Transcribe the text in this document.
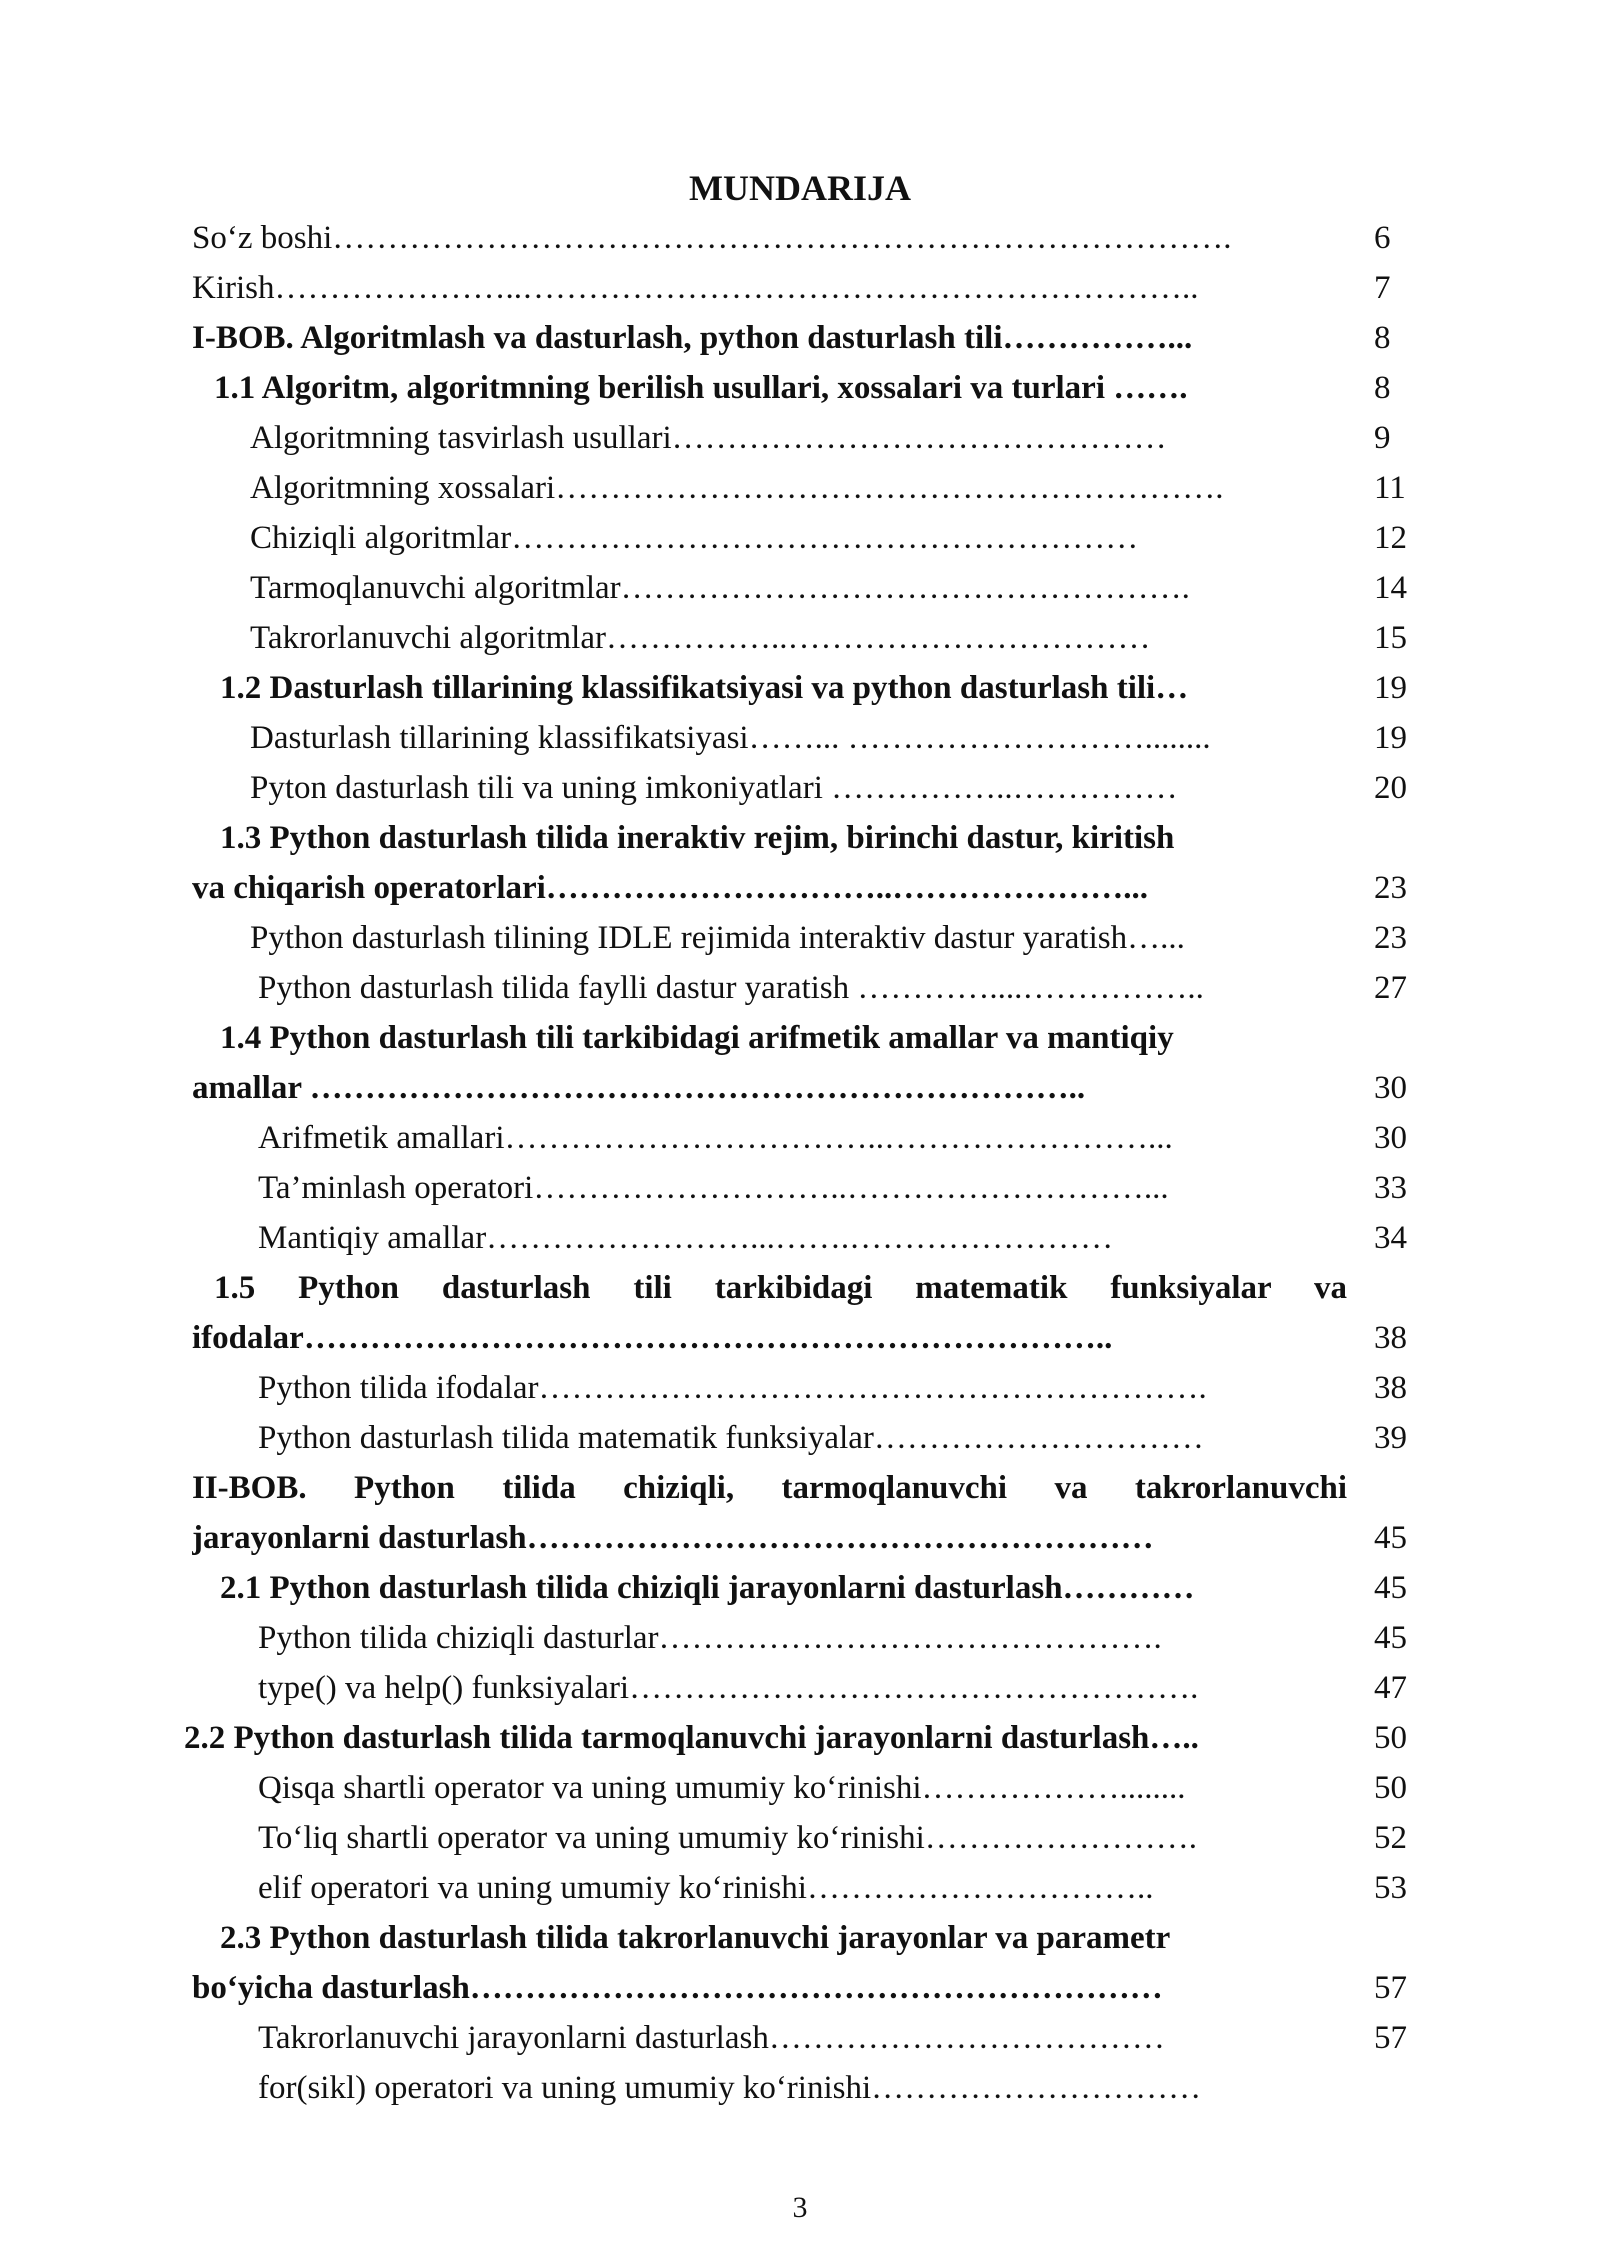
MUNDARIJA
So‘z boshi……………………………………………………………………….	6
Kirish…………………..……………………………………………………..	7
I-BOB. Algoritmlash va dasturlash, python dasturlash tili……………...	8
1.1 Algoritm, algoritmning berilish usullari, xossalari va turlari …….	8
Algoritmning tasvirlash usullari………………………………………	9
Algoritmning xossalari…………………………………………………….	11
Chiziqli algoritmlar…………………………………………………	12
Tarmoqlanuvchi algoritmlar…………………………………………….	14
Takrorlanuvchi algoritmlar……………..……………………………	15
1.2 Dasturlash tillarining klassifikatsiyasi va python dasturlash tili…	19
Dasturlash tillarining klassifikatsiyasi……... ………………………........	19
Pyton dasturlash tili va uning imkoniyatlari ……………..……………	20
1.3 Python dasturlash tilida ineraktiv rejim, birinchi dastur, kiritish
va chiqarish operatorlari…………………………..…………………...	23
Python dasturlash tilining IDLE rejimida interaktiv dastur yaratish…...	23
Python dasturlash tilida faylli dastur yaratish …………....……………..	27
1.4 Python dasturlash tili tarkibidagi arifmetik amallar va mantiqiy
amallar ……………………………………………………………..	30
Arifmetik amallari……………………………..……………………...	30
Ta’minlash operatori………………………..………………………...	33
Mantiqiy amallar……………………...…….……………………	34
1.5 Python dasturlash tili tarkibidagi matematik funksiyalar va
ifodalar………………………………………………………………..	38
Python tilida ifodalar…………………………………………………….	38
Python dasturlash tilida matematik funksiyalar…………………………	39
II-BOB. Python tilida chiziqli, tarmoqlanuvchi va takrorlanuvchi
jarayonlarni dasturlash…………………………………………………	45
2.1 Python dasturlash tilida chiziqli jarayonlarni dasturlash…………	45
Python tilida chiziqli dasturlar……………………………………….	45
type() va help() funksiyalari…………………………………………….	47
2.2 Python dasturlash tilida tarmoqlanuvchi jarayonlarni dasturlash…..	50
Qisqa shartli operator va uning umumiy ko‘rinishi………………........	50
To‘liq shartli operator va uning umumiy ko‘rinishi…………………….	52
elif operatori va uning umumiy ko‘rinishi…………………………..	53
2.3 Python dasturlash tilida takrorlanuvchi jarayonlar va parametr
bo‘yicha dasturlash………………………………………………………	57
Takrorlanuvchi jarayonlarni dasturlash………………………………	57
for(sikl) operatori va uning umumiy ko‘rinishi…………………………
3
